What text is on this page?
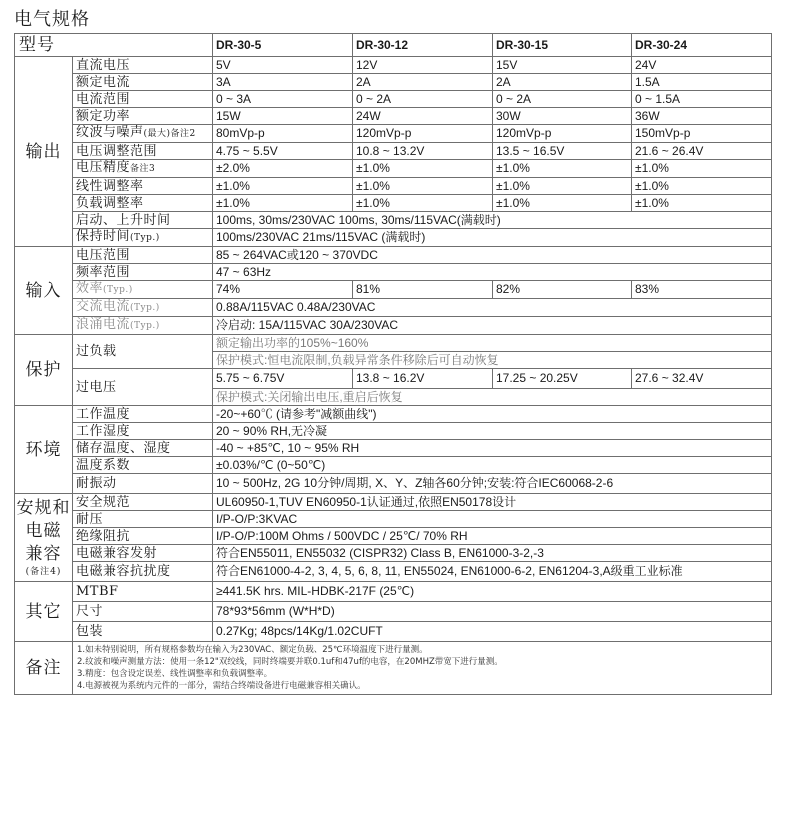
电气规格
型号		DR-30-5	DR-30-12	DR-30-15	DR-30-24
输出	直流电压	5V	12V	15V	24V
	额定电流	3A	2A	2A	1.5A
	电流范围	0 ~ 3A	0 ~ 2A	0 ~ 2A	0 ~ 1.5A
	额定功率	15W	24W	30W	36W
	纹波与噪声(最大)备注2	80mVp-p	120mVp-p	120mVp-p	150mVp-p
	电压调整范围	4.75 ~ 5.5V	10.8 ~ 13.2V	13.5 ~ 16.5V	21.6 ~ 26.4V
	电压精度备注3	±2.0%	±1.0%	±1.0%	±1.0%
	线性调整率	±1.0%	±1.0%	±1.0%	±1.0%
	负载调整率	±1.0%	±1.0%	±1.0%	±1.0%
	启动、上升时间	100ms, 30ms/230VAC 100ms, 30ms/115VAC(满载时)			
	保持时间(Typ.)	100ms/230VAC 21ms/115VAC (满载时)			
输入	电压范围	85 ~ 264VAC或120 ~ 370VDC			
	频率范围	47 ~ 63Hz			
	效率(Typ.)	74%	81%	82%	83%
	交流电流(Typ.)	0.88A/115VAC 0.48A/230VAC			
	浪涌电流(Typ.)	冷启动: 15A/115VAC 30A/230VAC			
保护	过负载	额定输出功率的105%~160%			
		保护模式:恒电流限制,负载异常条件移除后可自动恢复			
	过电压	5.75 ~ 6.75V	13.8 ~ 16.2V	17.25 ~ 20.25V	27.6 ~ 32.4V
		保护模式:关闭输出电压,重启后恢复			
环境	工作温度	-20~+60℃ (请参考"减额曲线")			
	工作湿度	20 ~ 90% RH,无冷凝			
	储存温度、湿度	-40 ~ +85℃, 10 ~ 95% RH			
	温度系数	±0.03%/℃ (0~50℃)			
	耐振动	10 ~ 500Hz, 2G 10分钟/周期, X、Y、Z轴各60分钟;安装:符合IEC60068-2-6			

安规和
电磁
兼容
(备注4)	安全规范	UL60950-1,TUV EN60950-1认证通过,依照EN50178设计			
	耐压	I/P-O/P:3KVAC			
	绝缘阻抗	I/P-O/P:100M Ohms / 500VDC / 25℃/ 70% RH			
	电磁兼容发射	符合EN55011, EN55032 (CISPR32) Class B, EN61000-3-2,-3			
	电磁兼容抗扰度	符合EN61000-4-2, 3, 4, 5, 6, 8, 11, EN55024, EN61000-6-2, EN61204-3,A级重工业标准			
其它	MTBF	≥441.5K hrs. MIL-HDBK-217F (25℃)			
	尺寸	78*93*56mm (W*H*D)			
	包装	0.27Kg; 48pcs/14Kg/1.02CUFT			
备注	1.如未特别说明，所有规格参数均在输入为230VAC、额定负载、25℃环境温度下进行量测。
2.纹波和噪声测量方法：使用一条12"双绞线，同时终端要并联0.1uf和47uf的电容，在20MHZ带宽下进行量测。
3.精度：包含设定误差、线性调整率和负载调整率。
4.电源被视为系统内元件的一部分，需结合终端设备进行电磁兼容相关确认。				
